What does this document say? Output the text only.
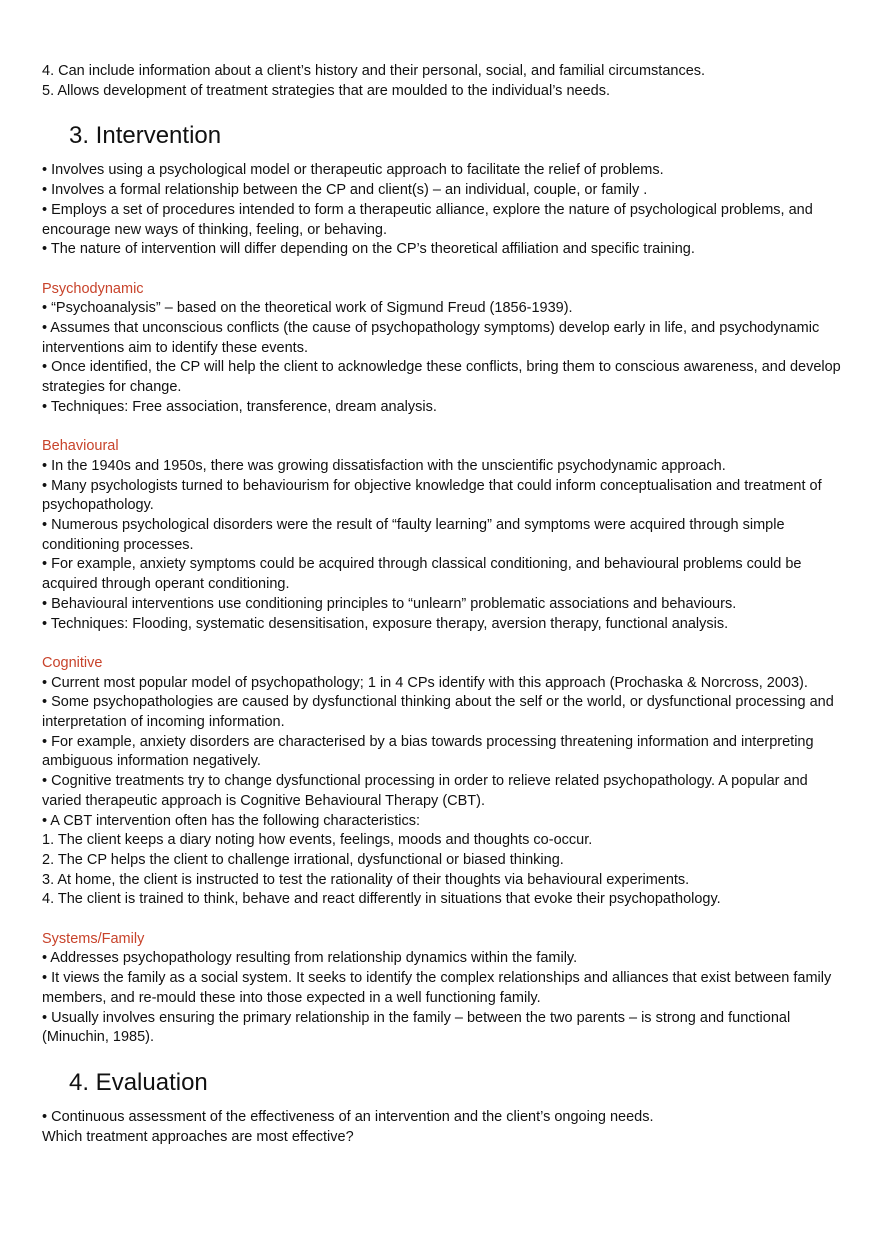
4. Can include information about a client’s history and their personal, social, and familial circumstances.

5. Allows development of treatment strategies that are moulded to the individual’s needs.

3. Intervention

• Involves using a psychological model or therapeutic approach to facilitate the relief of problems.

• Involves a formal relationship between the CP and client(s) – an individual, couple, or family .

• Employs a set of procedures intended to form a therapeutic alliance, explore the nature of psychological problems, and encourage new ways of thinking, feeling, or behaving.

• The nature of intervention will differ depending on the CP’s theoretical affiliation and specific training.

Psychodynamic

• “Psychoanalysis” – based on the theoretical work of Sigmund Freud (1856-1939).

• Assumes that unconscious conflicts (the cause of psychopathology symptoms) develop early in life, and psychodynamic interventions aim to identify these events.

• Once identified, the CP will help the client to acknowledge these conflicts, bring them to conscious awareness, and develop strategies for change.

• Techniques: Free association, transference, dream analysis.

Behavioural

• In the 1940s and 1950s, there was growing dissatisfaction with the unscientific psychodynamic approach.

• Many psychologists turned to behaviourism for objective knowledge that could inform conceptualisation and treatment of psychopathology.

• Numerous psychological disorders were the result of “faulty learning” and symptoms were acquired through simple conditioning processes.

• For example, anxiety symptoms could be acquired through classical conditioning, and behavioural problems could be acquired through operant conditioning.

• Behavioural interventions use conditioning principles to “unlearn” problematic associations and behaviours.

• Techniques: Flooding, systematic desensitisation, exposure therapy, aversion therapy, functional analysis.

Cognitive

• Current most popular model of psychopathology; 1 in 4 CPs identify with this approach (Prochaska & Norcross, 2003).

• Some psychopathologies are caused by dysfunctional thinking about the self or the world, or dysfunctional processing and interpretation of incoming information.

• For example, anxiety disorders are characterised by a bias towards processing threatening information and interpreting ambiguous information negatively.

• Cognitive treatments try to change dysfunctional processing in order to relieve related psychopathology. A popular and varied therapeutic approach is Cognitive Behavioural Therapy (CBT).

• A CBT intervention often has the following characteristics:

1. The client keeps a diary noting how events, feelings, moods and thoughts co-occur.

2. The CP helps the client to challenge irrational, dysfunctional or biased thinking.

3. At home, the client is instructed to test the rationality of their thoughts via behavioural experiments.

4. The client is trained to think, behave and react differently in situations that evoke their psychopathology.

Systems/Family

• Addresses psychopathology resulting from relationship dynamics within the family.

• It views the family as a social system. It seeks to identify the complex relationships and alliances that exist between family members, and re-mould these into those expected in a well functioning family.

• Usually involves ensuring the primary relationship in the family – between the two parents – is strong and functional (Minuchin, 1985).

4. Evaluation

• Continuous assessment of the effectiveness of an intervention and the client’s ongoing needs.

Which treatment approaches are most effective?
